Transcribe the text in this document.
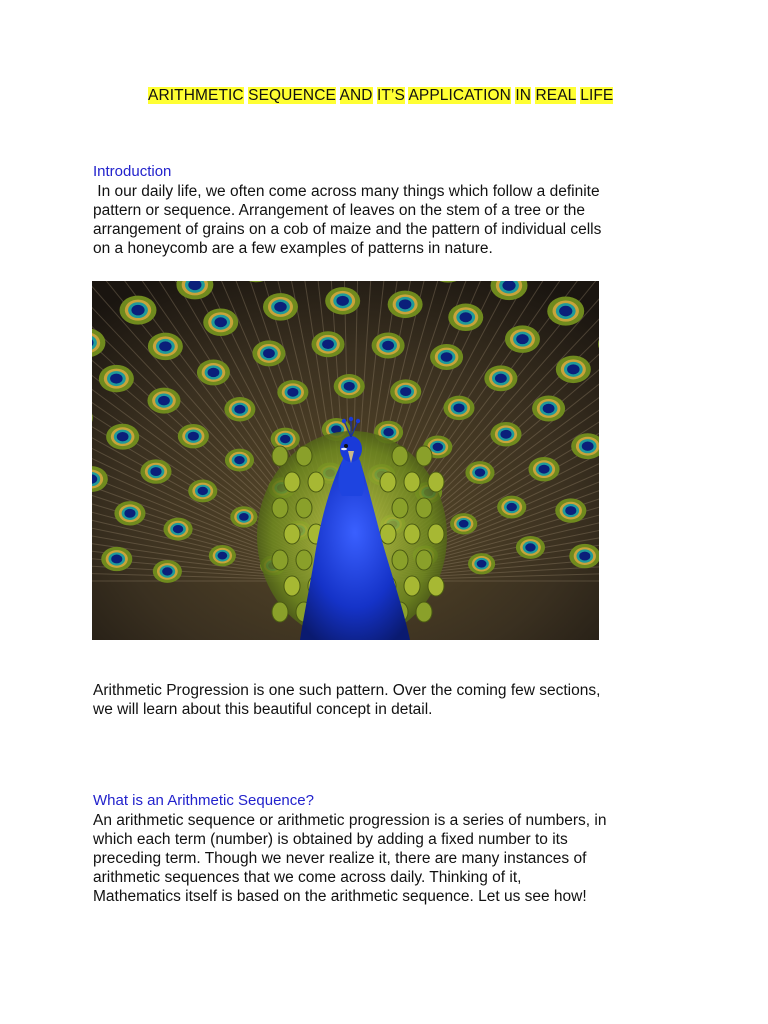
ARITHMETIC SEQUENCE AND IT’S APPLICATION IN REAL LIFE
Introduction
In our daily life, we often come across many things which follow a definite
pattern or sequence. Arrangement of leaves on the stem of a tree or the
arrangement of grains on a cob of maize and the pattern of individual cells
on a honeycomb are a few examples of patterns in nature.
Arithmetic Progression is one such pattern. Over the coming few sections,
we will learn about this beautiful concept in detail.
What is an Arithmetic Sequence?
An arithmetic sequence or arithmetic progression is a series of numbers, in
which each term (number) is obtained by adding a fixed number to its
preceding term. Though we never realize it, there are many instances of
arithmetic sequences that we come across daily. Thinking of it,
Mathematics itself is based on the arithmetic sequence. Let us see how!
